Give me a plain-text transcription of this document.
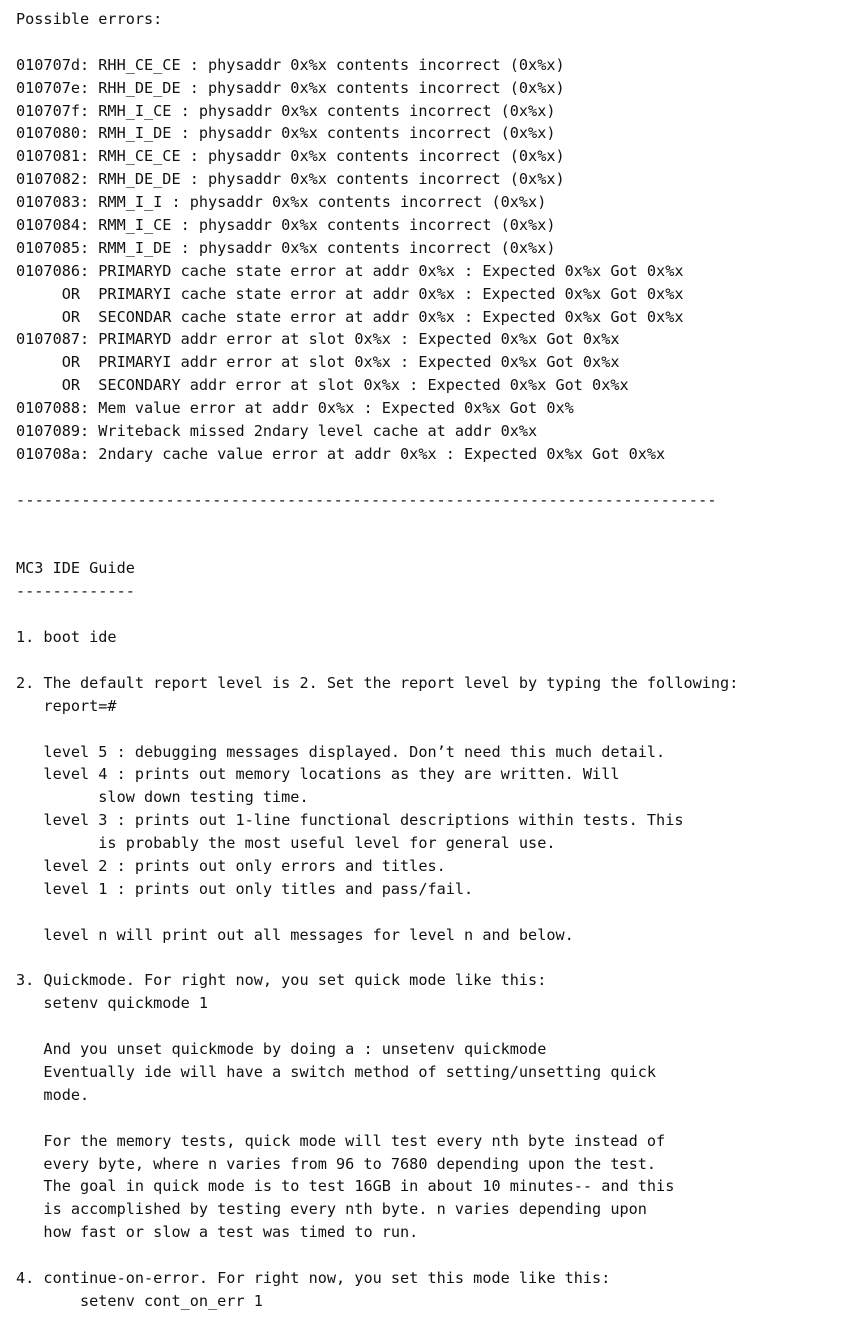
Possible errors:
010707d: RHH_CE_CE : physaddr 0x%x contents incorrect (0x%x)
010707e: RHH_DE_DE : physaddr 0x%x contents incorrect (0x%x)
010707f: RMH_I_CE : physaddr 0x%x contents incorrect (0x%x)
0107080: RMH_I_DE : physaddr 0x%x contents incorrect (0x%x)
0107081: RMH_CE_CE : physaddr 0x%x contents incorrect (0x%x)
0107082: RMH_DE_DE : physaddr 0x%x contents incorrect (0x%x)
0107083: RMM_I_I : physaddr 0x%x contents incorrect (0x%x)
0107084: RMM_I_CE : physaddr 0x%x contents incorrect (0x%x)
0107085: RMM_I_DE : physaddr 0x%x contents incorrect (0x%x)
0107086: PRIMARYD cache state error at addr 0x%x : Expected 0x%x Got 0x%x
OR  PRIMARYI cache state error at addr 0x%x : Expected 0x%x Got 0x%x
OR  SECONDAR cache state error at addr 0x%x : Expected 0x%x Got 0x%x
0107087: PRIMARYD addr error at slot 0x%x : Expected 0x%x Got 0x%x
OR  PRIMARYI addr error at slot 0x%x : Expected 0x%x Got 0x%x
OR  SECONDARY addr error at slot 0x%x : Expected 0x%x Got 0x%x
0107088: Mem value error at addr 0x%x : Expected 0x%x Got 0x%
0107089: Writeback missed 2ndary level cache at addr 0x%x
010708a: 2ndary cache value error at addr 0x%x : Expected 0x%x Got 0x%x
---------------------------------------------------------------------------
MC3 IDE Guide
-------------
1. boot ide
2. The default report level is 2. Set the report level by typing the following:
report=#
level 5 : debugging messages displayed. Don’t need this much detail.
level 4 : prints out memory locations as they are written. Will
slow down testing time.
level 3 : prints out 1-line functional descriptions within tests. This
is probably the most useful level for general use.
level 2 : prints out only errors and titles.
level 1 : prints out only titles and pass/fail.
level n will print out all messages for level n and below.
3. Quickmode. For right now, you set quick mode like this:
setenv quickmode 1
And you unset quickmode by doing a : unsetenv quickmode
Eventually ide will have a switch method of setting/unsetting quick
mode.
For the memory tests, quick mode will test every nth byte instead of
every byte, where n varies from 96 to 7680 depending upon the test.
The goal in quick mode is to test 16GB in about 10 minutes-- and this
is accomplished by testing every nth byte. n varies depending upon
how fast or slow a test was timed to run.
4. continue-on-error. For right now, you set this mode like this:
setenv cont_on_err 1
